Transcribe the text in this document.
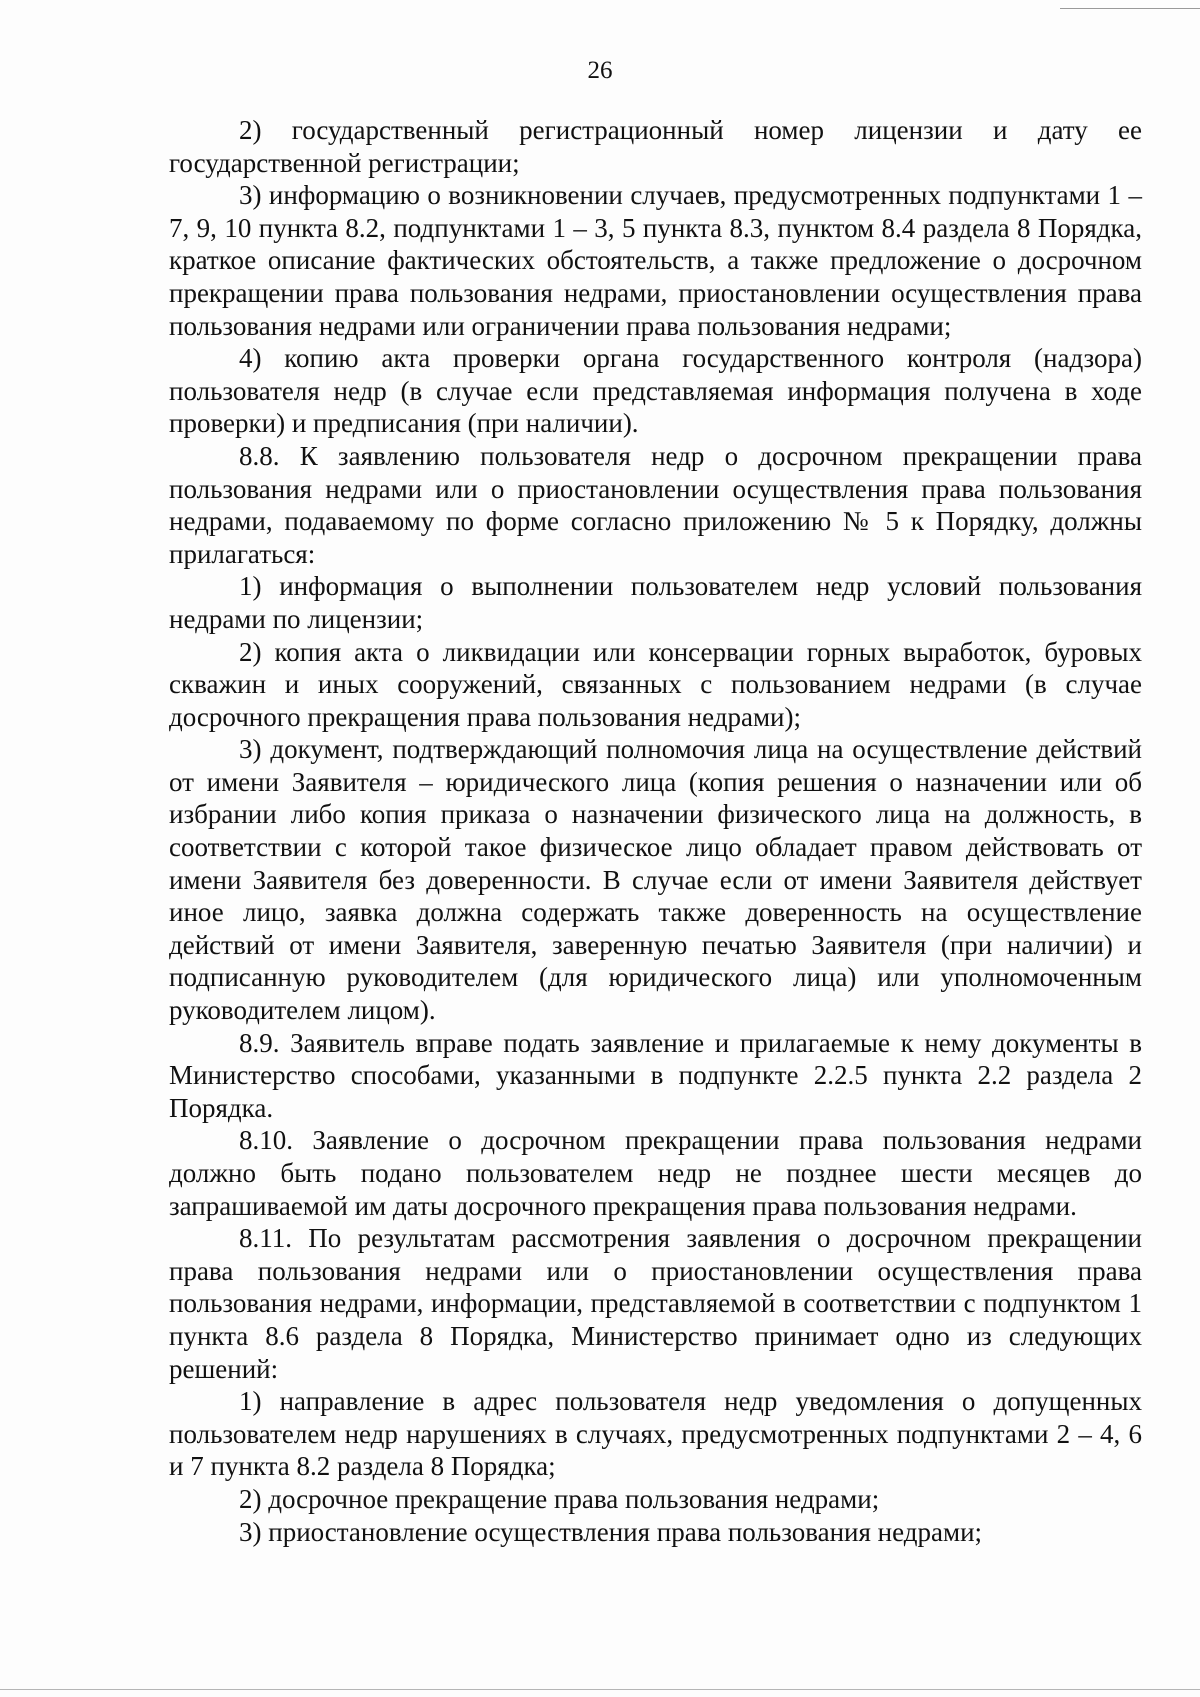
26

2) государственный регистрационный номер лицензии и дату ее государственной регистрации;

3) информацию о возникновении случаев, предусмотренных подпунктами 1 – 7, 9, 10 пункта 8.2, подпунктами 1 – 3, 5 пункта 8.3, пунктом 8.4 раздела 8 Порядка, краткое описание фактических обстоятельств, а также предложение о досрочном прекращении права пользования недрами, приостановлении осуществления права пользования недрами или ограничении права пользования недрами;

4) копию акта проверки органа государственного контроля (надзора) пользователя недр (в случае если представляемая информация получена в ходе проверки) и предписания (при наличии).

8.8. К заявлению пользователя недр о досрочном прекращении права пользования недрами или о приостановлении осуществления права пользования недрами, подаваемому по форме согласно приложению № 5 к Порядку, должны прилагаться:

1) информация о выполнении пользователем недр условий пользования недрами по лицензии;

2) копия акта о ликвидации или консервации горных выработок, буровых скважин и иных сооружений, связанных с пользованием недрами (в случае досрочного прекращения права пользования недрами);

3) документ, подтверждающий полномочия лица на осуществление действий от имени Заявителя – юридического лица (копия решения о назначении или об избрании либо копия приказа о назначении физического лица на должность, в соответствии с которой такое физическое лицо обладает правом действовать от имени Заявителя без доверенности. В случае если от имени Заявителя действует иное лицо, заявка должна содержать также доверенность на осуществление действий от имени Заявителя, заверенную печатью Заявителя (при наличии) и подписанную руководителем (для юридического лица) или уполномоченным руководителем лицом).

8.9. Заявитель вправе подать заявление и прилагаемые к нему документы в Министерство способами, указанными в подпункте 2.2.5 пункта 2.2 раздела 2 Порядка.

8.10. Заявление о досрочном прекращении права пользования недрами должно быть подано пользователем недр не позднее шести месяцев до запрашиваемой им даты досрочного прекращения права пользования недрами.

8.11. По результатам рассмотрения заявления о досрочном прекращении права пользования недрами или о приостановлении осуществления права пользования недрами, информации, представляемой в соответствии с подпунктом 1 пункта 8.6 раздела 8 Порядка, Министерство принимает одно из следующих решений:

1) направление в адрес пользователя недр уведомления о допущенных пользователем недр нарушениях в случаях, предусмотренных подпунктами 2 – 4, 6 и 7 пункта 8.2 раздела 8 Порядка;

2) досрочное прекращение права пользования недрами;

3) приостановление осуществления права пользования недрами;
